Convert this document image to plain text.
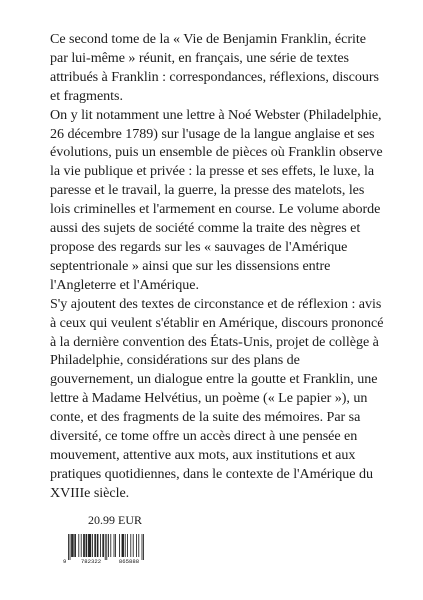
Ce second tome de la « Vie de Benjamin Franklin, écrite par lui-même » réunit, en français, une série de textes attribués à Franklin : correspondances, réflexions, discours et fragments.

On y lit notamment une lettre à Noé Webster (Philadelphie, 26 décembre 1789) sur l'usage de la langue anglaise et ses évolutions, puis un ensemble de pièces où Franklin observe la vie publique et privée : la presse et ses effets, le luxe, la paresse et le travail, la guerre, la presse des matelots, les lois criminelles et l'armement en course. Le volume aborde aussi des sujets de société comme la traite des nègres et propose des regards sur les « sauvages de l'Amérique septentrionale » ainsi que sur les dissensions entre l'Angleterre et l'Amérique.

S'y ajoutent des textes de circonstance et de réflexion : avis à ceux qui veulent s'établir en Amérique, discours prononcé à la dernière convention des États-Unis, projet de collège à Philadelphie, considérations sur des plans de gouvernement, un dialogue entre la goutte et Franklin, une lettre à Madame Helvétius, un poème (« Le papier »), un conte, et des fragments de la suite des mémoires. Par sa diversité, ce tome offre un accès direct à une pensée en mouvement, attentive aux mots, aux institutions et aux pratiques quotidiennes, dans le contexte de l'Amérique du XVIIIe siècle.

20.99 EUR
9	782322	865888
